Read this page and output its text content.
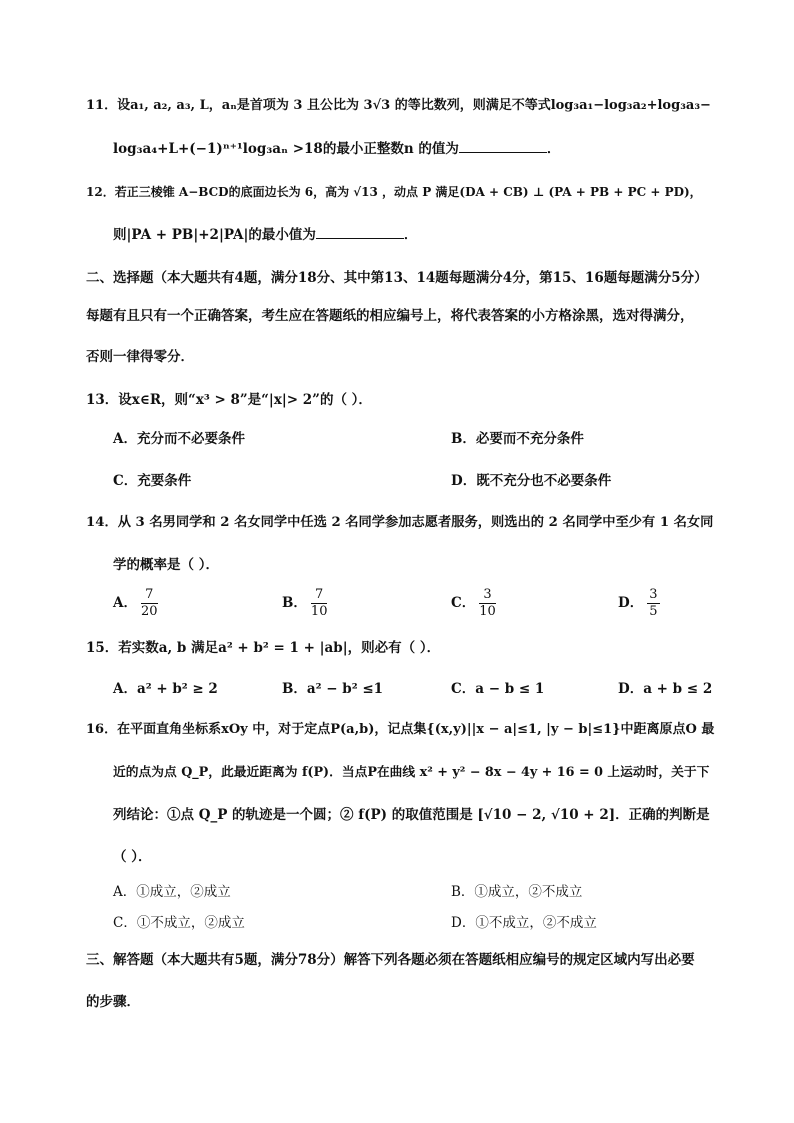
11．设a₁, a₂, a₃, L，aₙ是首项为 3 且公比为 3√3 的等比数列，则满足不等式log₃a₁−log₃a₂+log₃a₃−
log₃a₄+L+(−1)ⁿ⁺¹log₃aₙ >18的最小正整数n 的值为	．
12．若正三棱锥 A−BCD的底面边长为 6，高为 √13 ，动点 P 满足(DA + CB) ⊥ (PA + PB + PC + PD)，
则|PA + PB|+2|PA|的最小值为	．
二、选择题（本大题共有4题，满分18分、其中第13、14题每题满分4分，第15、16题每题满分5分）
每题有且只有一个正确答案，考生应在答题纸的相应编号上，将代表答案的小方格涂黑，选对得满分，
否则一律得零分．
13．设x∈R，则“x³ > 8”是“|x|> 2”的（ ）．
A．充分而不必要条件	B．必要而不充分条件
C．充要条件	D．既不充分也不必要条件
14．从 3 名男同学和 2 名女同学中任选 2 名同学参加志愿者服务，则选出的 2 名同学中至少有 1 名女同
学的概率是（ ）．
A． $\frac{7}{20}$	B． $\frac{7}{10}$	C． $\frac{3}{10}$	D． $\frac{3}{5}$
15．若实数a, b 满足a² + b² = 1 + |ab|，则必有（ ）．
A．a² + b² ≥ 2	B．a² − b² ≤1	C．a − b ≤ 1	D．a + b ≤ 2
16．在平面直角坐标系xOy 中，对于定点P(a,b)，记点集{(x,y)||x − a|≤1, |y − b|≤1}中距离原点O 最
近的点为点 Q_P，此最近距离为 f(P)．当点P在曲线 x² + y² − 8x − 4y + 16 = 0 上运动时，关于下
列结论：①点 Q_P 的轨迹是一个圆；② f(P) 的取值范围是 [√10 − 2, √10 + 2]．正确的判断是
（ ）．
A．①成立，②成立	B．①成立，②不成立
C．①不成立，②成立	D．①不成立，②不成立
三、解答题（本大题共有5题，满分78分）解答下列各题必须在答题纸相应编号的规定区域内写出必要
的步骤．
